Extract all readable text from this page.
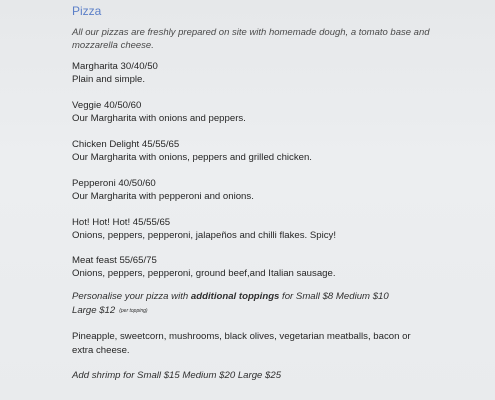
Pizza
All our pizzas are freshly prepared on site with homemade dough, a tomato base and mozzarella cheese.
Margharita 30/40/50
Plain and simple.
Veggie 40/50/60
Our Margharita with onions and peppers.
Chicken Delight 45/55/65
Our Margharita with onions, peppers and grilled chicken.
Pepperoni 40/50/60
Our Margharita with pepperoni and onions.
Hot! Hot! Hot! 45/55/65
Onions, peppers, pepperoni, jalapeños and chilli flakes. Spicy!
Meat feast 55/65/75
Onions, peppers, pepperoni, ground beef,and Italian sausage.
Personalise your pizza with additional toppings for Small $8 Medium $10
Large $12 (per topping)
Pineapple, sweetcorn, mushrooms, black olives, vegetarian meatballs, bacon or extra cheese.
Add shrimp for Small $15 Medium $20 Large $25
